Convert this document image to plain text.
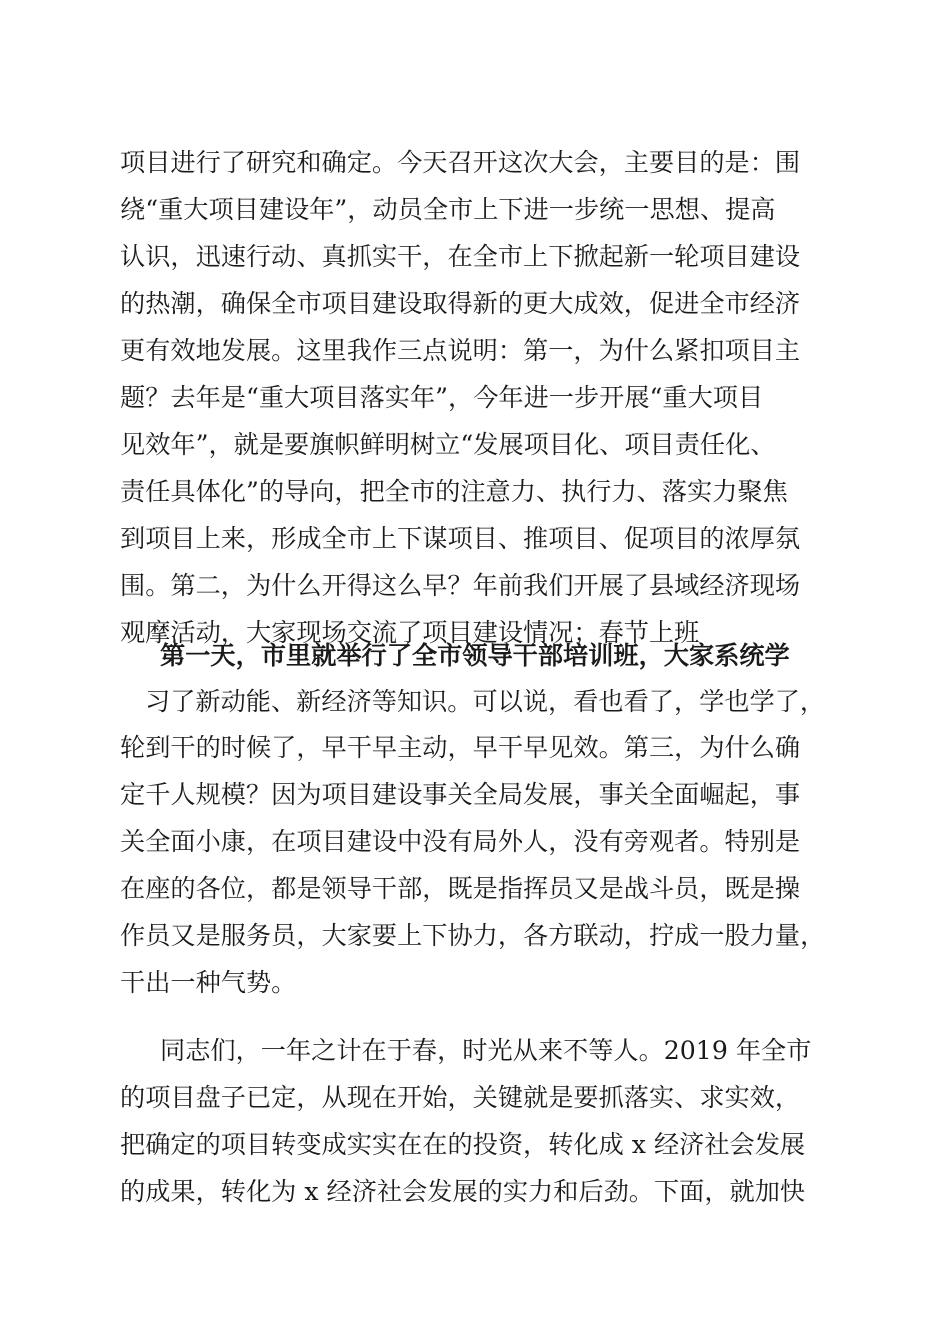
项目进行了研究和确定。今天召开这次大会，主要目的是：围
绕“重大项目建设年”，动员全市上下进一步统一思想、提高
认识，迅速行动、真抓实干，在全市上下掀起新一轮项目建设
的热潮，确保全市项目建设取得新的更大成效，促进全市经济
更有效地发展。这里我作三点说明：第一，为什么紧扣项目主
题？去年是“重大项目落实年”，今年进一步开展“重大项目
见效年”，就是要旗帜鲜明树立“发展项目化、项目责任化、
责任具体化”的导向，把全市的注意力、执行力、落实力聚焦
到项目上来，形成全市上下谋项目、推项目、促项目的浓厚氛
围。第二，为什么开得这么早？年前我们开展了县域经济现场
观摩活动，大家现场交流了项目建设情况；春节上班
第一天，市里就举行了全市领导干部培训班，大家系统学
习了新动能、新经济等知识。可以说，看也看了，学也学了，
轮到干的时候了，早干早主动，早干早见效。第三，为什么确
定千人规模？因为项目建设事关全局发展，事关全面崛起，事
关全面小康，在项目建设中没有局外人，没有旁观者。特别是
在座的各位，都是领导干部，既是指挥员又是战斗员，既是操
作员又是服务员，大家要上下协力，各方联动，拧成一股力量，
干出一种气势。
同志们，一年之计在于春，时光从来不等人。2019 年全市
的项目盘子已定，从现在开始，关键就是要抓落实、求实效，
把确定的项目转变成实实在在的投资，转化成 x 经济社会发展
的成果，转化为 x 经济社会发展的实力和后劲。下面，就加快
